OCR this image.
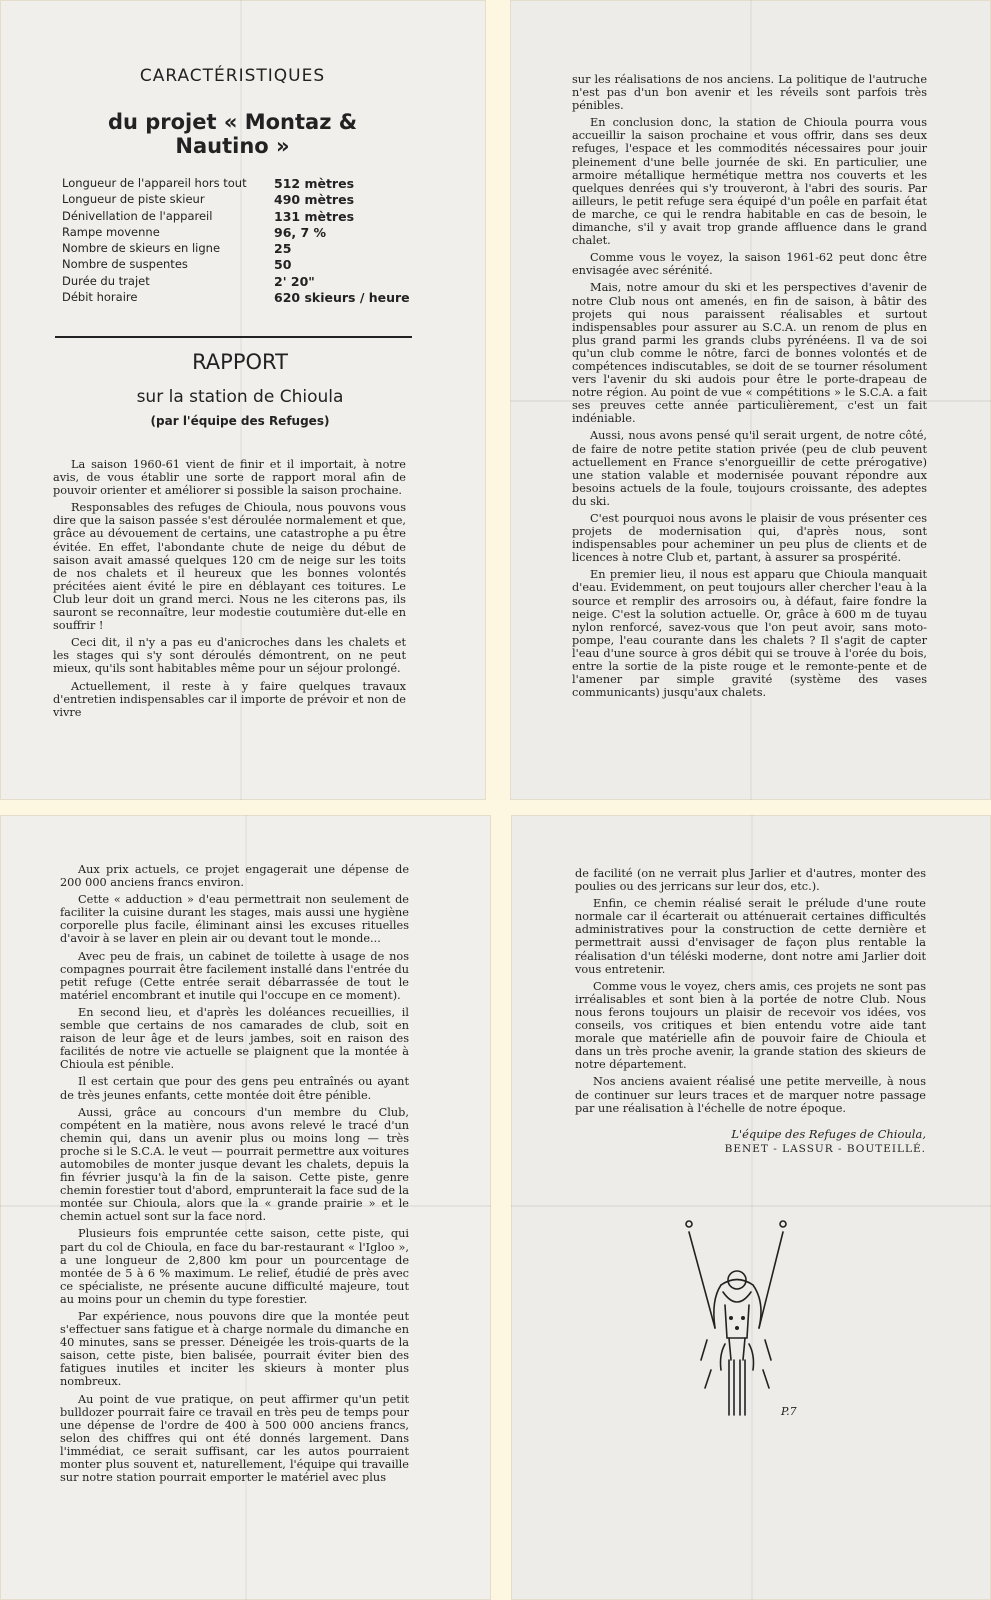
CARACTÉRISTIQUES
du projet « Montaz & Nautino »
Longueur de l'appareil hors tout 512 mètres
Longueur de piste skieur	490 mètres
Dénivellation de l'appareil	131 mètres
Rampe movenne	96, 7 %
Nombre de skieurs en ligne	25
Nombre de suspentes	50
Durée du trajet	2' 20"
Débit horaire	620 skieurs / heure
RAPPORT
sur la station de Chioula
(par l'équipe des Refuges)

La saison 1960-61 vient de finir et il importait, à notre avis, de vous établir une sorte de rapport moral afin de pouvoir orienter et améliorer si possible la saison prochaine.

Responsables des refuges de Chioula, nous pouvons vous dire que la saison passée s'est déroulée normalement et que, grâce au dévouement de certains, une catastrophe a pu être évitée. En effet, l'abondante chute de neige du début de saison avait amassé quelques 120 cm de neige sur les toits de nos chalets et il heureux que les bonnes volontés précitées aient évité le pire en déblayant ces toitures. Le Club leur doit un grand merci. Nous ne les citerons pas, ils sauront se reconnaître, leur modestie coutumière dut-elle en souffrir !

Ceci dit, il n'y a pas eu d'anicroches dans les chalets et les stages qui s'y sont déroulés démontrent, on ne peut mieux, qu'ils sont habitables même pour un séjour prolongé.

Actuellement, il reste à y faire quelques travaux d'entretien indispensables car il importe de prévoir et non de vivre

sur les réalisations de nos anciens. La politique de l'autruche n'est pas d'un bon avenir et les réveils sont parfois très pénibles.

En conclusion donc, la station de Chioula pourra vous accueillir la saison prochaine et vous offrir, dans ses deux refuges, l'espace et les commodités nécessaires pour jouir pleinement d'une belle journée de ski. En particulier, une armoire métallique hermétique mettra nos couverts et les quelques denrées qui s'y trouveront, à l'abri des souris. Par ailleurs, le petit refuge sera équipé d'un poêle en parfait état de marche, ce qui le rendra habitable en cas de besoin, le dimanche, s'il y avait trop grande affluence dans le grand chalet.

Comme vous le voyez, la saison 1961-62 peut donc être envisagée avec sérénité.

Mais, notre amour du ski et les perspectives d'avenir de notre Club nous ont amenés, en fin de saison, à bâtir des projets qui nous paraissent réalisables et surtout indispensables pour assurer au S.C.A. un renom de plus en plus grand parmi les grands clubs pyrénéens. Il va de soi qu'un club comme le nôtre, farci de bonnes volontés et de compétences indiscutables, se doit de se tourner résolument vers l'avenir du ski audois pour être le porte-drapeau de notre région. Au point de vue « compétitions » le S.C.A. a fait ses preuves cette année particulièrement, c'est un fait indéniable.

Aussi, nous avons pensé qu'il serait urgent, de notre côté, de faire de notre petite station privée (peu de club peuvent actuellement en France s'enorgueillir de cette prérogative) une station valable et modernisée pouvant répondre aux besoins actuels de la foule, toujours croissante, des adeptes du ski.

C'est pourquoi nous avons le plaisir de vous présenter ces projets de modernisation qui, d'après nous, sont indispensables pour acheminer un peu plus de clients et de licences à notre Club et, partant, à assurer sa prospérité.

En premier lieu, il nous est apparu que Chioula manquait d'eau. Evidemment, on peut toujours aller chercher l'eau à la source et remplir des arrosoirs ou, à défaut, faire fondre la neige. C'est la solution actuelle. Or, grâce à 600 m de tuyau nylon renforcé, savez-vous que l'on peut avoir, sans moto-pompe, l'eau courante dans les chalets ? Il s'agit de capter l'eau d'une source à gros débit qui se trouve à l'orée du bois, entre la sortie de la piste rouge et le remonte-pente et de l'amener par simple gravité (système des vases communicants) jusqu'aux chalets.

Aux prix actuels, ce projet engagerait une dépense de 200 000 anciens francs environ.

Cette « adduction » d'eau permettrait non seulement de faciliter la cuisine durant les stages, mais aussi une hygiène corporelle plus facile, éliminant ainsi les excuses rituelles d'avoir à se laver en plein air ou devant tout le monde...

Avec peu de frais, un cabinet de toilette à usage de nos compagnes pourrait être facilement installé dans l'entrée du petit refuge (Cette entrée serait débarrassée de tout le matériel encombrant et inutile qui l'occupe en ce moment).

En second lieu, et d'après les doléances recueillies, il semble que certains de nos camarades de club, soit en raison de leur âge et de leurs jambes, soit en raison des facilités de notre vie actuelle se plaignent que la montée à Chioula est pénible.

Il est certain que pour des gens peu entraînés ou ayant de très jeunes enfants, cette montée doit être pénible.

Aussi, grâce au concours d'un membre du Club, compétent en la matière, nous avons relevé le tracé d'un chemin qui, dans un avenir plus ou moins long — très proche si le S.C.A. le veut — pourrait permettre aux voitures automobiles de monter jusque devant les chalets, depuis la fin février jusqu'à la fin de la saison. Cette piste, genre chemin forestier tout d'abord, emprunterait la face sud de la montée sur Chioula, alors que la « grande prairie » et le chemin actuel sont sur la face nord.

Plusieurs fois empruntée cette saison, cette piste, qui part du col de Chioula, en face du bar-restaurant « l'Igloo », a une longueur de 2,800 km pour un pourcentage de montée de 5 à 6 % maximum. Le relief, étudié de près avec ce spécialiste, ne présente aucune difficulté majeure, tout au moins pour un chemin du type forestier.

Par expérience, nous pouvons dire que la montée peut s'effectuer sans fatigue et à charge normale du dimanche en 40 minutes, sans se presser. Déneigée les trois-quarts de la saison, cette piste, bien balisée, pourrait éviter bien des fatigues inutiles et inciter les skieurs à monter plus nombreux.

Au point de vue pratique, on peut affirmer qu'un petit bulldozer pourrait faire ce travail en très peu de temps pour une dépense de l'ordre de 400 à 500 000 anciens francs, selon des chiffres qui ont été donnés largement. Dans l'immédiat, ce serait suffisant, car les autos pourraient monter plus souvent et, naturellement, l'équipe qui travaille sur notre station pourrait emporter le matériel avec plus

de facilité (on ne verrait plus Jarlier et d'autres, monter des poulies ou des jerricans sur leur dos, etc.).

Enfin, ce chemin réalisé serait le prélude d'une route normale car il écarterait ou atténuerait certaines difficultés administratives pour la construction de cette dernière et permettrait aussi d'envisager de façon plus rentable la réalisation d'un téléski moderne, dont notre ami Jarlier doit vous entretenir.

Comme vous le voyez, chers amis, ces projets ne sont pas irréalisables et sont bien à la portée de notre Club. Nous nous ferons toujours un plaisir de recevoir vos idées, vos conseils, vos critiques et bien entendu votre aide tant morale que matérielle afin de pouvoir faire de Chioula et dans un très proche avenir, la grande station des skieurs de notre département.

Nos anciens avaient réalisé une petite merveille, à nous de continuer sur leurs traces et de marquer notre passage par une réalisation à l'échelle de notre époque.

L'équipe des Refuges de Chioula,
BENET - LASSUR - BOUTEILLÉ.
P.7
